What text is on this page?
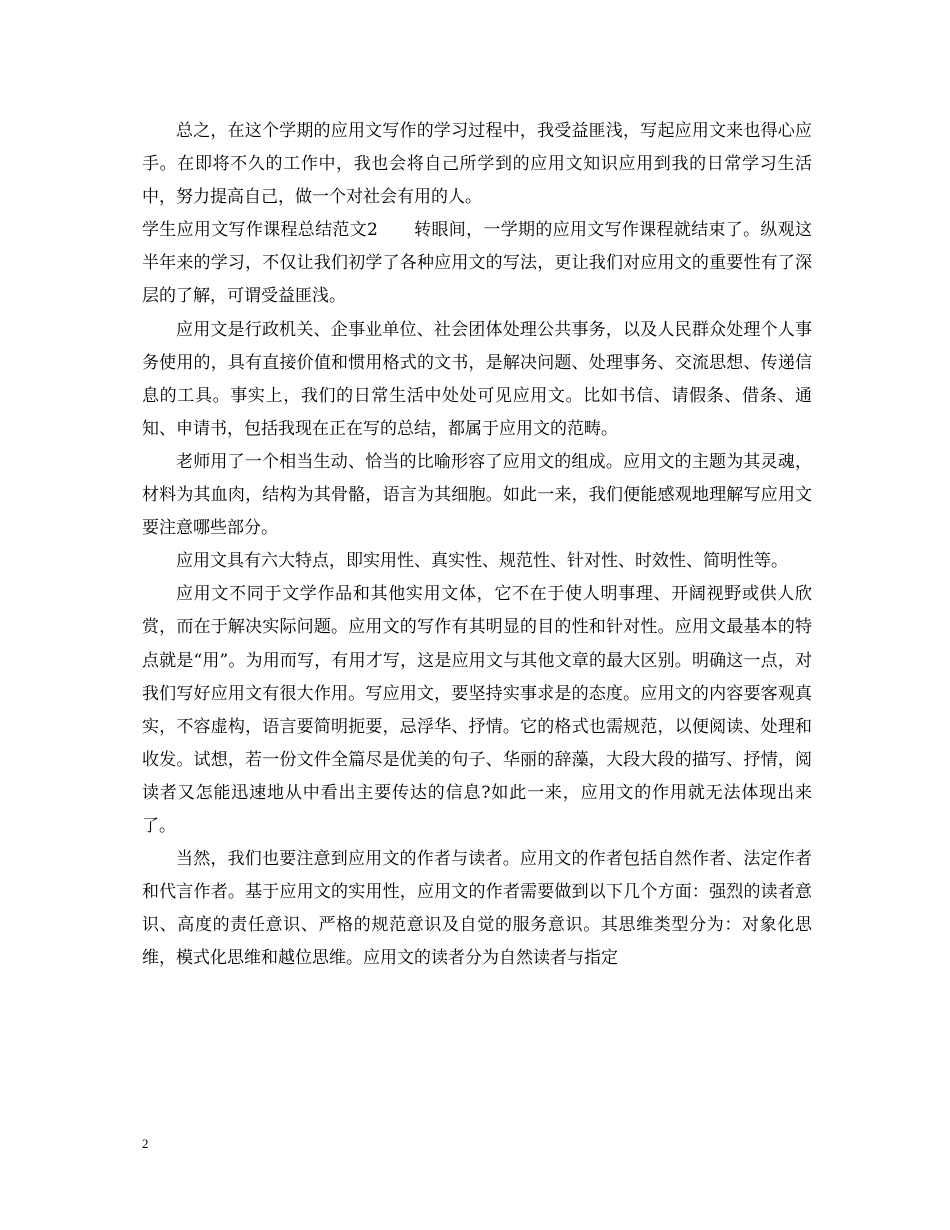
总之，在这个学期的应用文写作的学习过程中，我受益匪浅，写起应用文来也得心应手。在即将不久的工作中，我也会将自己所学到的应用文知识应用到我的日常学习生活中，努力提高自己，做一个对社会有用的人。

学生应用文写作课程总结范文2 转眼间，一学期的应用文写作课程就结束了。纵观这半年来的学习，不仅让我们初学了各种应用文的写法，更让我们对应用文的重要性有了深层的了解，可谓受益匪浅。

应用文是行政机关、企事业单位、社会团体处理公共事务，以及人民群众处理个人事务使用的，具有直接价值和惯用格式的文书，是解决问题、处理事务、交流思想、传递信息的工具。事实上，我们的日常生活中处处可见应用文。比如书信、请假条、借条、通知、申请书，包括我现在正在写的总结，都属于应用文的范畴。

老师用了一个相当生动、恰当的比喻形容了应用文的组成。应用文的主题为其灵魂，材料为其血肉，结构为其骨骼，语言为其细胞。如此一来，我们便能感观地理解写应用文要注意哪些部分。

应用文具有六大特点，即实用性、真实性、规范性、针对性、时效性、简明性等。

应用文不同于文学作品和其他实用文体，它不在于使人明事理、开阔视野或供人欣赏，而在于解决实际问题。应用文的写作有其明显的目的性和针对性。应用文最基本的特点就是“用”。为用而写，有用才写，这是应用文与其他文章的最大区别。明确这一点，对我们写好应用文有很大作用。写应用文，要坚持实事求是的态度。应用文的内容要客观真实，不容虚构，语言要简明扼要，忌浮华、抒情。它的格式也需规范，以便阅读、处理和收发。试想，若一份文件全篇尽是优美的句子、华丽的辞藻，大段大段的描写、抒情，阅读者又怎能迅速地从中看出主要传达的信息?如此一来，应用文的作用就无法体现出来了。

当然，我们也要注意到应用文的作者与读者。应用文的作者包括自然作者、法定作者和代言作者。基于应用文的实用性，应用文的作者需要做到以下几个方面：强烈的读者意识、高度的责任意识、严格的规范意识及自觉的服务意识。其思维类型分为：对象化思维，模式化思维和越位思维。应用文的读者分为自然读者与指定

2
